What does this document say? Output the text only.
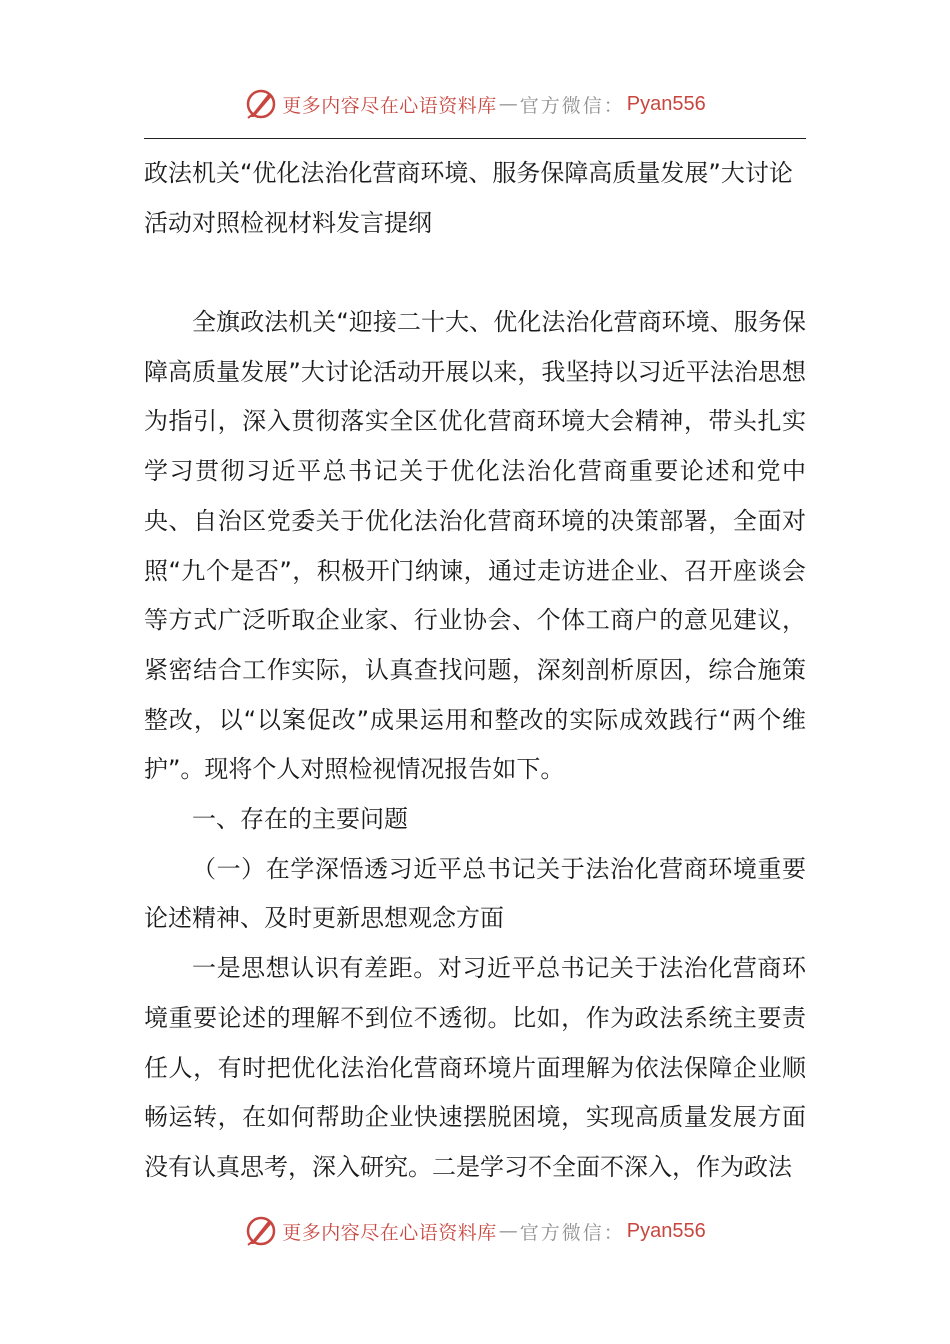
更多内容尽在心语资料库 — 官方微信： Pyan556
政法机关“优化法治化营商环境、服务保障高质量发展”大讨论活动对照检视材料发言提纲

全旗政法机关“迎接二十大、优化法治化营商环境、服务保障高质量发展”大讨论活动开展以来，我坚持以习近平法治思想为指引，深入贯彻落实全区优化营商环境大会精神，带头扎实学习贯彻习近平总书记关于优化法治化营商重要论述和党中央、自治区党委关于优化法治化营商环境的决策部署，全面对照“九个是否”，积极开门纳谏，通过走访进企业、召开座谈会等方式广泛听取企业家、行业协会、个体工商户的意见建议，紧密结合工作实际，认真查找问题，深刻剖析原因，综合施策整改，以“以案促改”成果运用和整改的实际成效践行“两个维护”。现将个人对照检视情况报告如下。

一、存在的主要问题

（一）在学深悟透习近平总书记关于法治化营商环境重要论述精神、及时更新思想观念方面

一是思想认识有差距。对习近平总书记关于法治化营商环境重要论述的理解不到位不透彻。比如，作为政法系统主要责任人，有时把优化法治化营商环境片面理解为依法保障企业顺畅运转，在如何帮助企业快速摆脱困境，实现高质量发展方面没有认真思考，深入研究。二是学习不全面不深入，作为政法

更多内容尽在心语资料库 — 官方微信： Pyan556
